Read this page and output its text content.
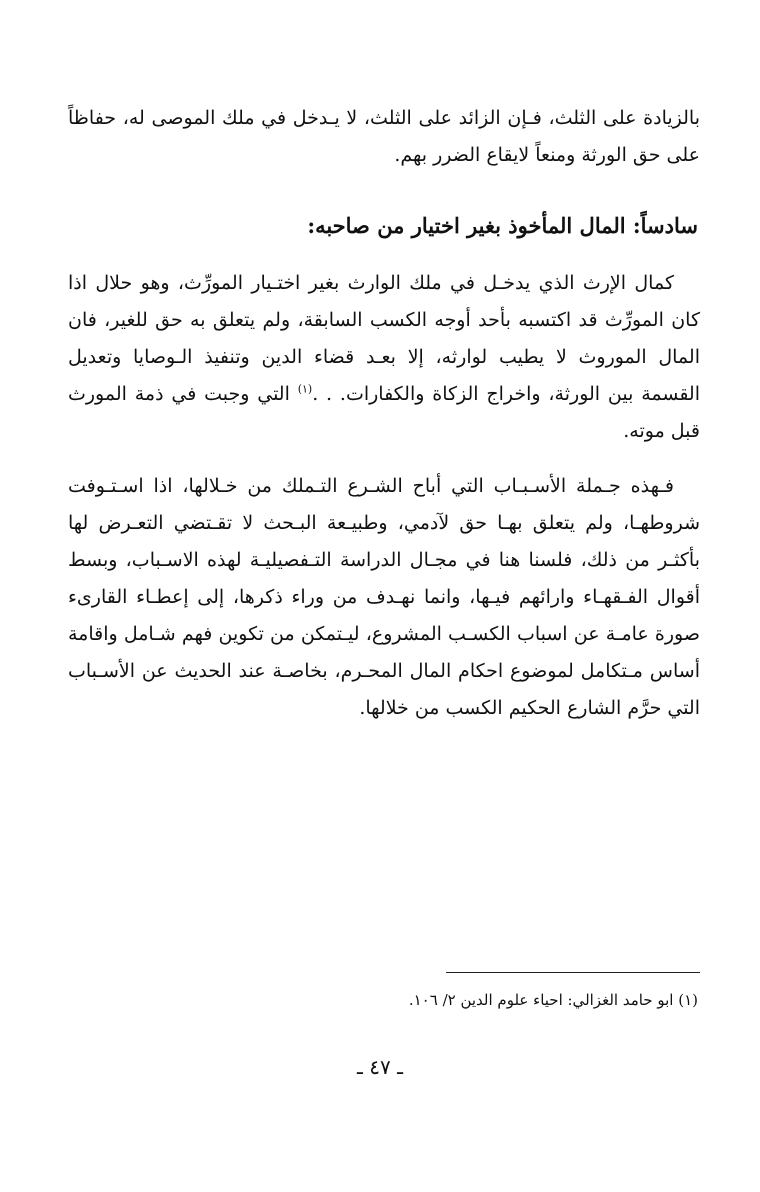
بالزيادة على الثلث، فـإن الزائد على الثلث، لا يـدخل في ملك الموصى له، حفاظاً على حق الورثة ومنعاً لايقاع الضرر بهم.

سادساً: المال المأخوذ بغير اختيار من صاحبه:

كمال الإرث الذي يدخـل في ملك الوارث بغير اختـيار المورِّث، وهو حلال اذا كان المورِّث قد اكتسبه بأحد أوجه الكسب السابقة، ولم يتعلق به حق للغير، فان المال الموروث لا يطيب لوارثه، إلا بعـد قضاء الدين وتنفيذ الـوصايا وتعديل القسمة بين الورثة، واخراج الزكاة والكفارات. . .$^{(١)}$ التي وجبت في ذمة المورث قبل موته.

فـهذه جـملة الأسـبـاب التي أباح الشـرع التـملك من خـلالها، اذا اسـتـوفت شروطهـا، ولم يتعلق بهـا حق لآدمي، وطبيـعة البـحث لا تقـتضي التعـرض لها بأكثـر من ذلك، فلسنا هنا في مجـال الدراسة التـفصيليـة لهذه الاسـباب، وبسط أقوال الفـقهـاء وارائهم فيـها، وانما نهـدف من وراء ذكرها، إلى إعطـاء القارىء صورة عامـة عن اسباب الكسـب المشروع، ليـتمكن من تكوين فهم شـامل واقامة أساس مـتكامل لموضوع احكام المال المحـرم، بخاصـة عند الحديث عن الأسـباب التي حرَّم الشارع الحكيم الكسب من خلالها.

(١) ابو حامد الغزالي: احياء علوم الدين ٢/ ١٠٦.

ـ ٤٧ ـ
